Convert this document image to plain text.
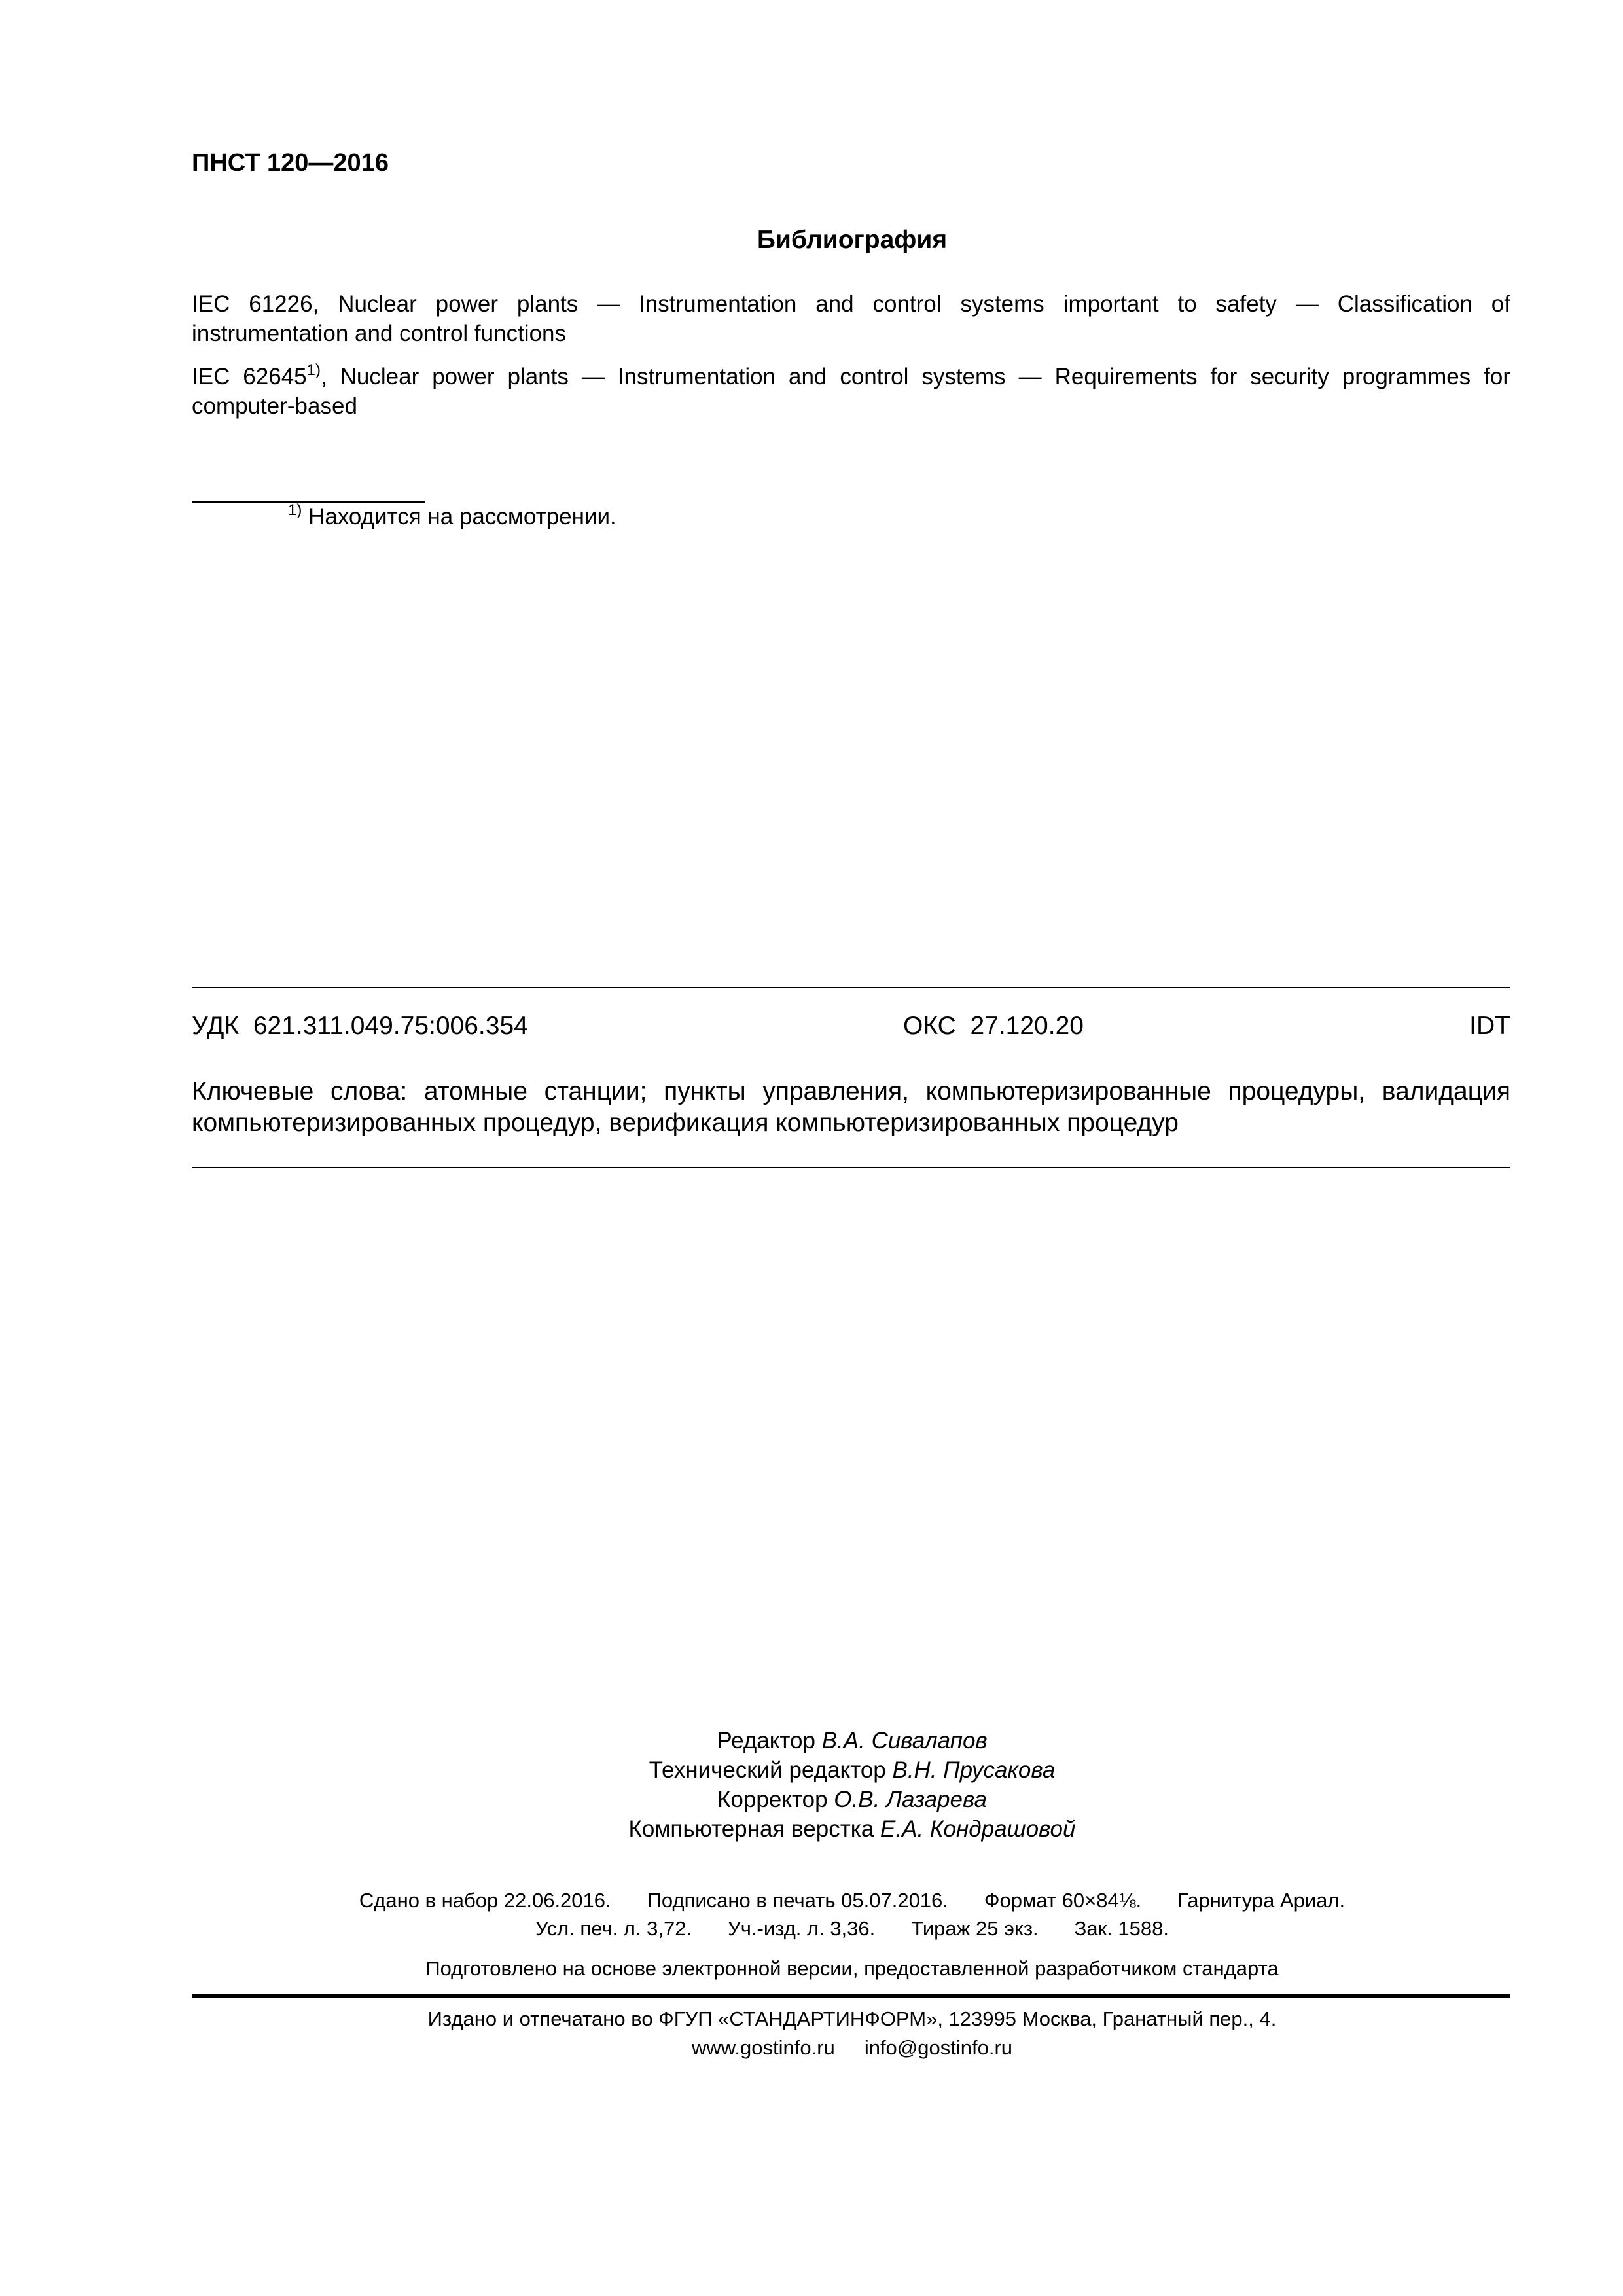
ПНСТ 120—2016
Библиография
IEC 61226, Nuclear power plants — Instrumentation and control systems important to safety — Classification of
instrumentation and control functions
IEC 62645$^{1)}$, Nuclear power plants — Instrumentation and control systems — Requirements for security programmes for
computer-based
$^{1)}$ Находится на рассмотрении.
УДК  621.311.049.75:006.354	ОКС  27.120.20	IDT
Ключевые слова: атомные станции; пункты управления, компьютеризированные процедуры, валидация
компьютеризированных процедур, верификация компьютеризированных процедур
Редактор В.А. Сивалапов
Технический редактор В.Н. Прусакова
Корректор О.В. Лазарева
Компьютерная верстка Е.А. Кондрашовой
Сдано в набор 22.06.2016. Подписано в печать 05.07.2016. Формат 60×84⅛. Гарнитура Ариал.
Усл. печ. л. 3,72. Уч.-изд. л. 3,36. Тираж 25 экз. Зак. 1588.
Подготовлено на основе электронной версии, предоставленной разработчиком стандарта
Издано и отпечатано во ФГУП «СТАНДАРТИНФОРМ», 123995 Москва, Гранатный пер., 4.
www.gostinfo.ru info@gostinfo.ru
